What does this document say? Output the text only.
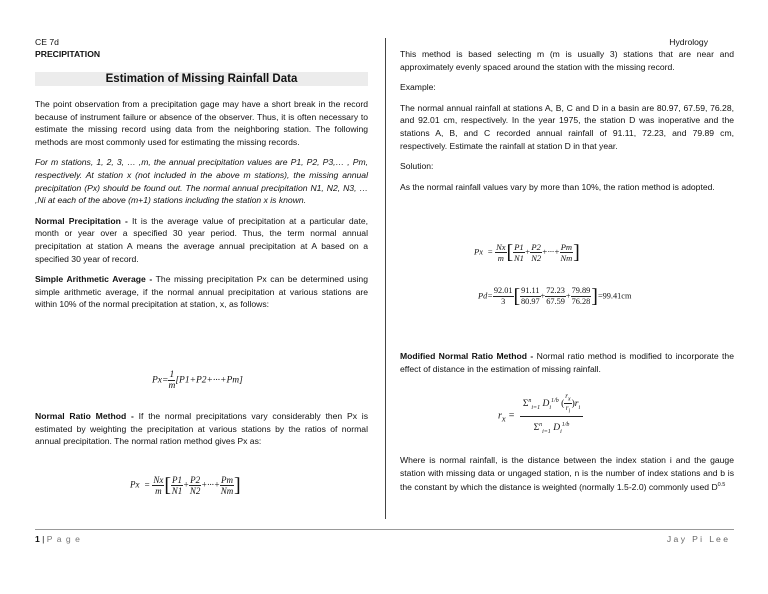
CE 7d
PRECIPITATION
Hydrology
Estimation of Missing Rainfall Data

The point observation from a precipitation gage may have a short break in the record because of instrument failure or absence of the observer. Thus, it is often necessary to estimate the missing record using data from the neighboring station. The following methods are most commonly used for estimating the missing records.

For m stations, 1, 2, 3, … ,m, the annual precipitation values are P1, P2, P3,… , Pm, respectively. At station x (not included in the above m stations), the missing annual precipitation (Px) should be found out. The normal annual precipitation N1, N2, N3, … ,Ni at each of the above (m+1) stations including the station x is known.

Normal Precipitation - It is the average value of precipitation at a particular date, month or year over a specified 30 year period. Thus, the term normal annual precipitation at station A means the average annual precipitation at A based on a specified 30 year of record.

Simple Arithmetic Average - The missing precipitation Px can be determined using simple arithmetic average, if the normal annual precipitation at various stations are within 10% of the normal precipitation at station, x, as follows:

$Px= \frac{1}{m} [P1+P2+\cdot\cdot\cdot+Pm]$

Normal Ratio Method - If the normal precipitations vary considerably then Px is estimated by weighting the precipitation at various stations by the ratios of normal annual precipitation. The normal ration method gives Px as:

$Px = \frac{Nx}{m}$ [ $\frac{P1}{N1} + \frac{P2}{N2}$ +···+ $\frac{Pm}{Nm}$ ]

This method is based selecting m (m is usually 3) stations that are near and approximately evenly spaced around the station with the missing record.

Example:

The normal annual rainfall at stations A, B, C and D in a basin are 80.97, 67.59, 76.28, and 92.01 cm, respectively. In the year 1975, the station D was inoperative and the stations A, B, and C recorded annual rainfall of 91.11, 72.23, and 79.89 cm, respectively. Estimate the rainfall at station D in that year.

Solution:

As the normal rainfall values vary by more than 10%, the ration method is adopted.

$Px = \frac{Nx}{m}$ [ $\frac{P1}{N1} + \frac{P2}{N2}$ +···+ $\frac{Pm}{Nm}$ ]
$Pd= \frac{92.01}{3}$ [ $\frac{91.11}{80.97} + \frac{72.23}{67.59} + \frac{79.89}{76.28} ]=99.41cm$

Modified Normal Ratio Method - Normal ratio method is modified to incorporate the effect of distance in the estimation of missing rainfall.

$r_x = \frac{\Sigma^n_{i=1} D_i^{1/b} ( \frac{r_x}{r_i} )r_i}{\Sigma^n_{i=1} D_i^{1/b}}$

Where is normal rainfall, is the distance between the index station i and the gauge station with missing data or ungaged station, n is the number of index stations and b is the constant by which the distance is weighted (normally 1.5-2.0) commonly used $D^{0.5}$

1 | P a g e	J a y   P i   L e e
